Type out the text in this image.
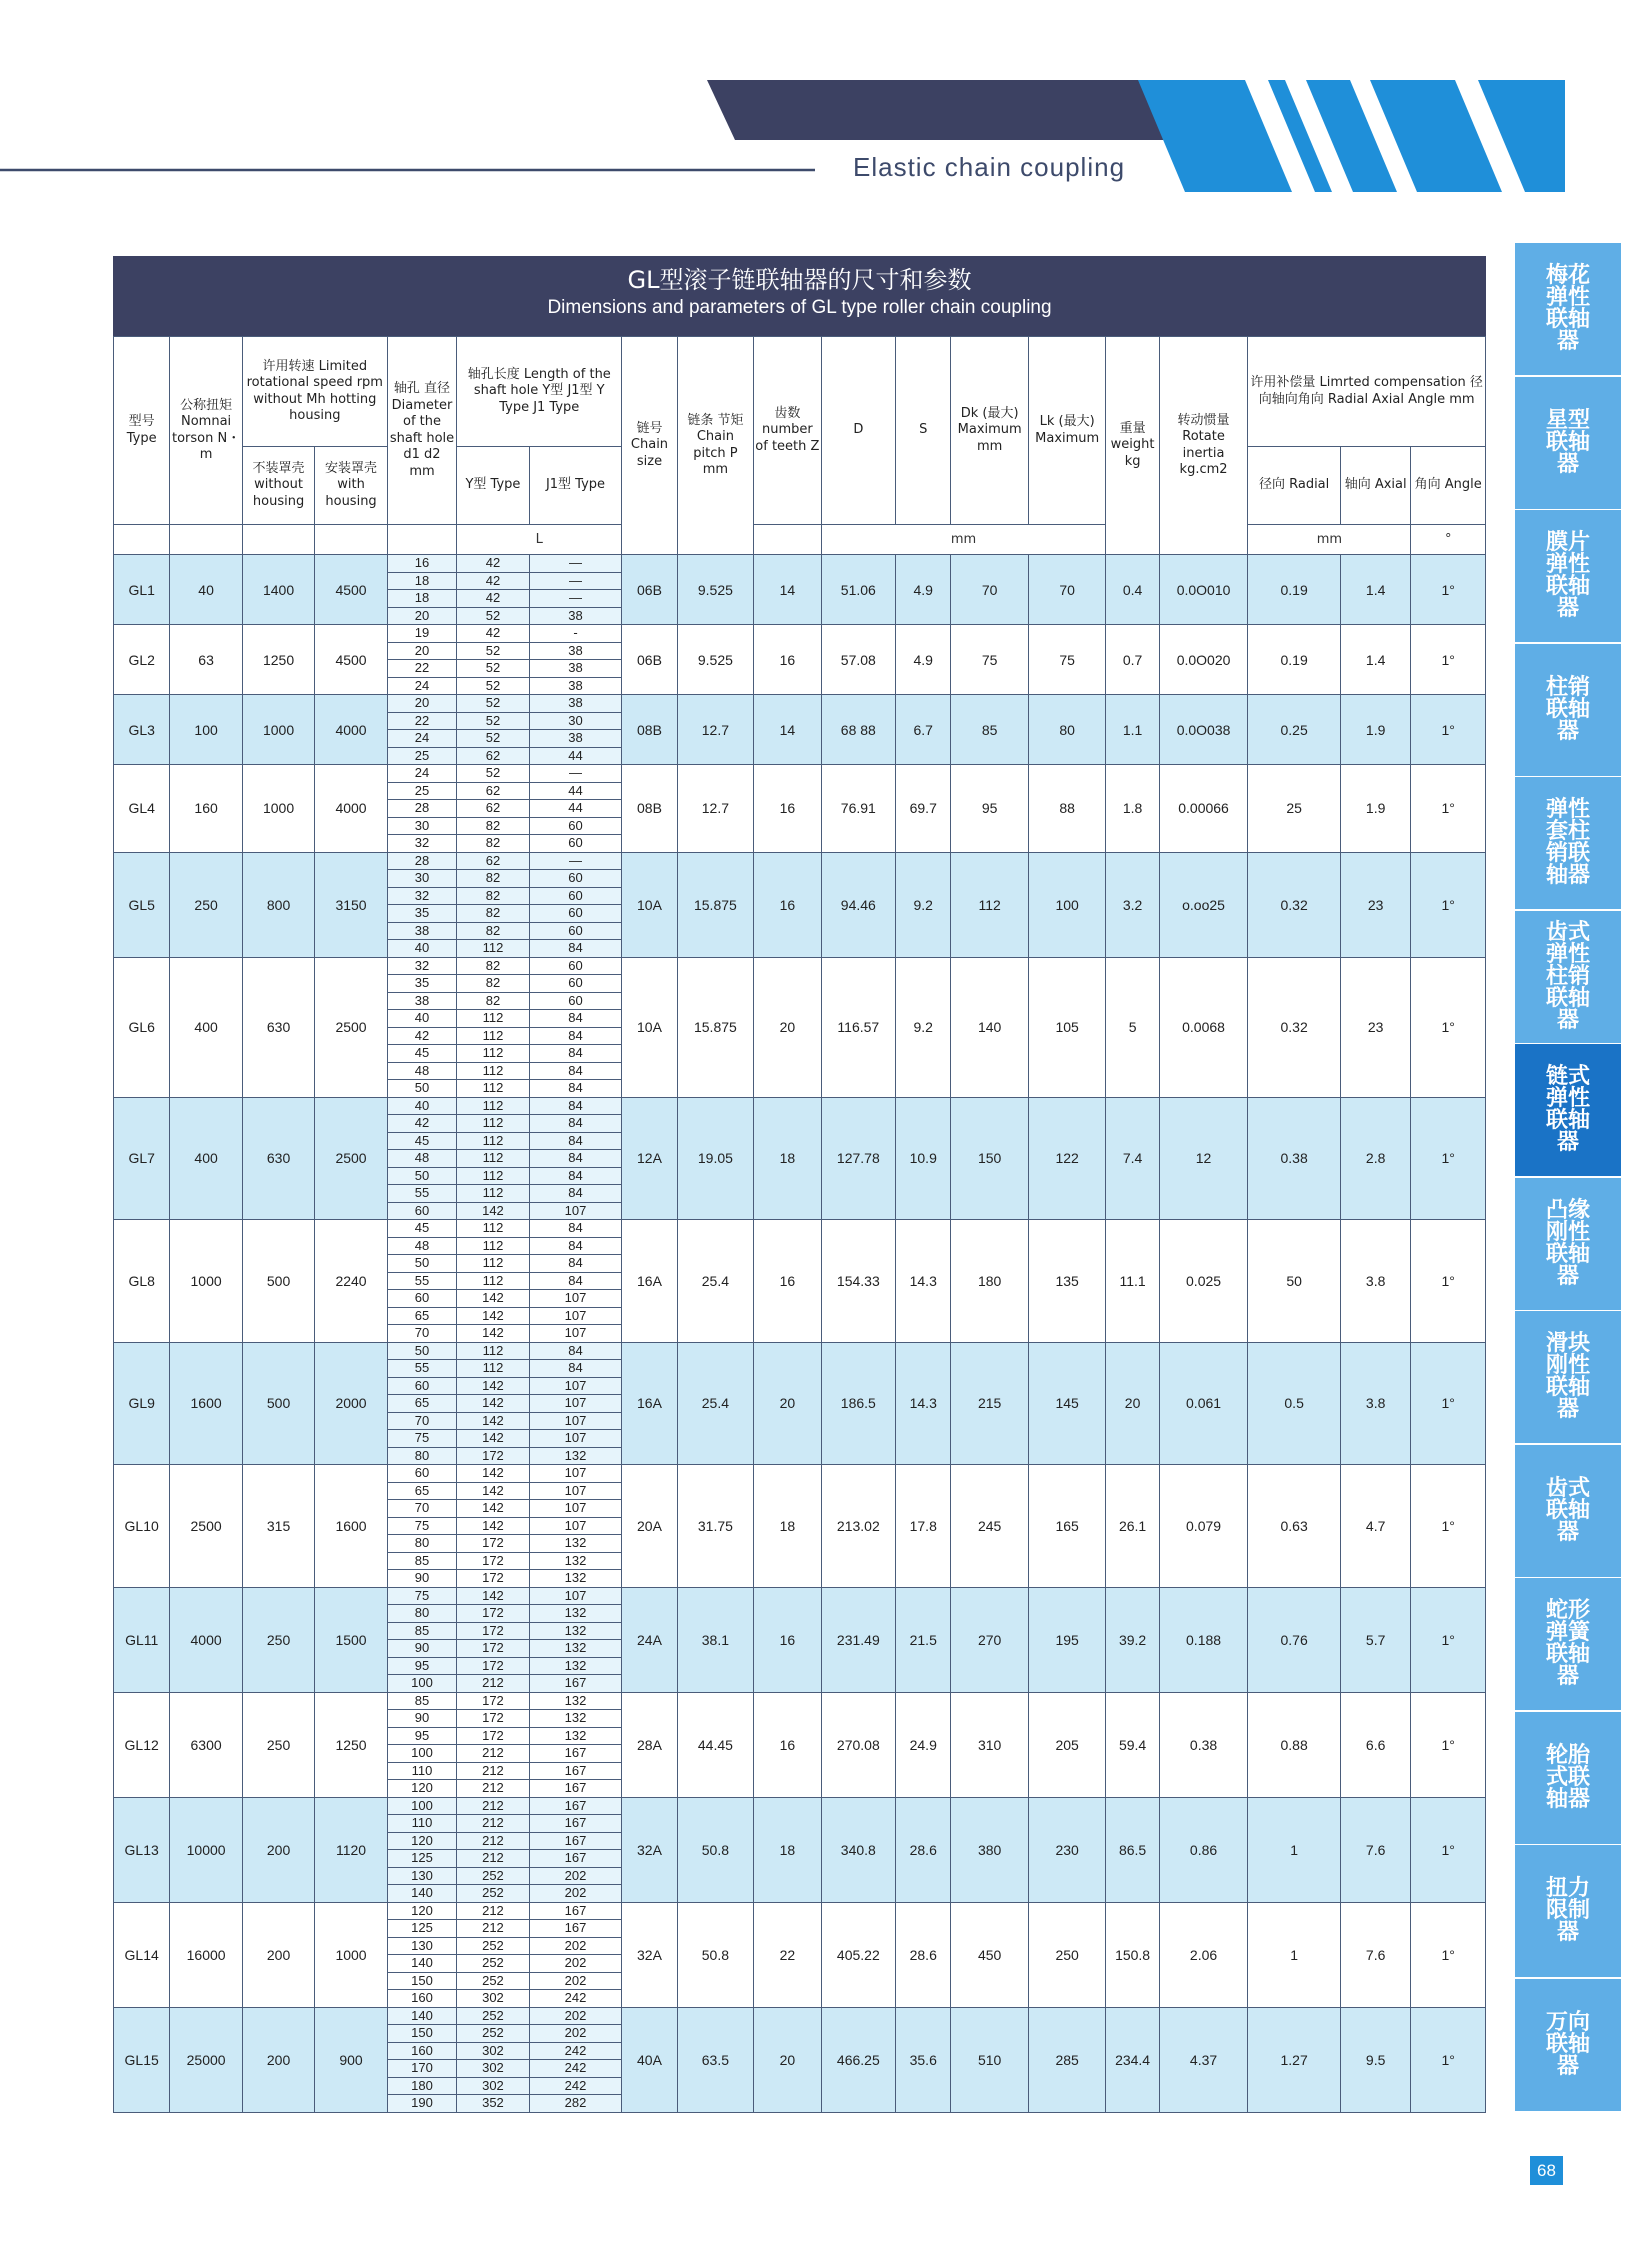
Elastic chain coupling
GL型滚子链联轴器的尺寸和参数
Dimensions and parameters of GL type roller chain coupling
型号 Type	公称扭矩 Nomnai torson N・m	许用转速 Limited rotational speed rpm without Mh hotting housing		轴孔 直径 Diameter of the shaft hole d1 d2 mm	轴孔长度 Length of the shaft hole Y型 J1型 Y Type J1 Type		链号 Chain size	链条 节矩 Chain pitch P mm	齿数 number of teeth Z	D	S	Dk (最大) Maximum mm	Lk (最大) Maximum	重量 weight kg	转动惯量 Rotate inertia kg.cm2	许用补偿量 Limrted compensation 径向轴向角向 Radial Axial Angle mm		
		不装罩壳 without housing	安装罩壳 with housing		Y型 Type	J1型 Type										径向 Radial	轴向 Axial	角向 Angle
					L					mm						mm		°
GL1	40	1400	4500	16	42	—	06B	9.525	14	51.06	4.9	70	70	0.4	0.0O010	0.19	1.4	1°
				18	42	—												
				18	42	—												
				20	52	38												
GL2	63	1250	4500	19	42	-	06B	9.525	16	57.08	4.9	75	75	0.7	0.0O020	0.19	1.4	1°
				20	52	38												
				22	52	38												
				24	52	38												
GL3	100	1000	4000	20	52	38	08B	12.7	14	68 88	6.7	85	80	1.1	0.0O038	0.25	1.9	1°
				22	52	30												
				24	52	38												
				25	62	44												
GL4	160	1000	4000	24	52	—	08B	12.7	16	76.91	69.7	95	88	1.8	0.00066	25	1.9	1°
				25	62	44												
				28	62	44												
				30	82	60												
				32	82	60												
GL5	250	800	3150	28	62	—	10A	15.875	16	94.46	9.2	112	100	3.2	o.oo25	0.32	23	1°
				30	82	60												
				32	82	60												
				35	82	60												
				38	82	60												
				40	112	84												
GL6	400	630	2500	32	82	60	10A	15.875	20	116.57	9.2	140	105	5	0.0068	0.32	23	1°
				35	82	60												
				38	82	60												
				40	112	84												
				42	112	84												
				45	112	84												
				48	112	84												
				50	112	84												
GL7	400	630	2500	40	112	84	12A	19.05	18	127.78	10.9	150	122	7.4	12	0.38	2.8	1°
				42	112	84												
				45	112	84												
				48	112	84												
				50	112	84												
				55	112	84												
				60	142	107												
GL8	1000	500	2240	45	112	84	16A	25.4	16	154.33	14.3	180	135	11.1	0.025	50	3.8	1°
				48	112	84												
				50	112	84												
				55	112	84												
				60	142	107												
				65	142	107												
				70	142	107												
GL9	1600	500	2000	50	112	84	16A	25.4	20	186.5	14.3	215	145	20	0.061	0.5	3.8	1°
				55	112	84												
				60	142	107												
				65	142	107												
				70	142	107												
				75	142	107												
				80	172	132												
GL10	2500	315	1600	60	142	107	20A	31.75	18	213.02	17.8	245	165	26.1	0.079	0.63	4.7	1°
				65	142	107												
				70	142	107												
				75	142	107												
				80	172	132												
				85	172	132												
				90	172	132												
GL11	4000	250	1500	75	142	107	24A	38.1	16	231.49	21.5	270	195	39.2	0.188	0.76	5.7	1°
				80	172	132												
				85	172	132												
				90	172	132												
				95	172	132												
				100	212	167												
GL12	6300	250	1250	85	172	132	28A	44.45	16	270.08	24.9	310	205	59.4	0.38	0.88	6.6	1°
				90	172	132												
				95	172	132												
				100	212	167												
				110	212	167												
				120	212	167												
GL13	10000	200	1120	100	212	167	32A	50.8	18	340.8	28.6	380	230	86.5	0.86	1	7.6	1°
				110	212	167												
				120	212	167												
				125	212	167												
				130	252	202												
				140	252	202												
GL14	16000	200	1000	120	212	167	32A	50.8	22	405.22	28.6	450	250	150.8	2.06	1	7.6	1°
				125	212	167												
				130	252	202												
				140	252	202												
				150	252	202												
				160	302	242												
GL15	25000	200	900	140	252	202	40A	63.5	20	466.25	35.6	510	285	234.4	4.37	1.27	9.5	1°
				150	252	202												
				160	302	242												
				170	302	242												
				180	302	242												
				190	352	282												
梅花弹性联轴器
星型联轴器
膜片弹性联轴器
柱销联轴器
弹性套柱销联轴器
齿式弹性柱销联轴器
链式弹性联轴器
凸缘刚性联轴器
滑块刚性联轴器
齿式联轴器
蛇形弹簧联轴器
轮胎式联轴器
扭力限制器
万向联轴器
68
